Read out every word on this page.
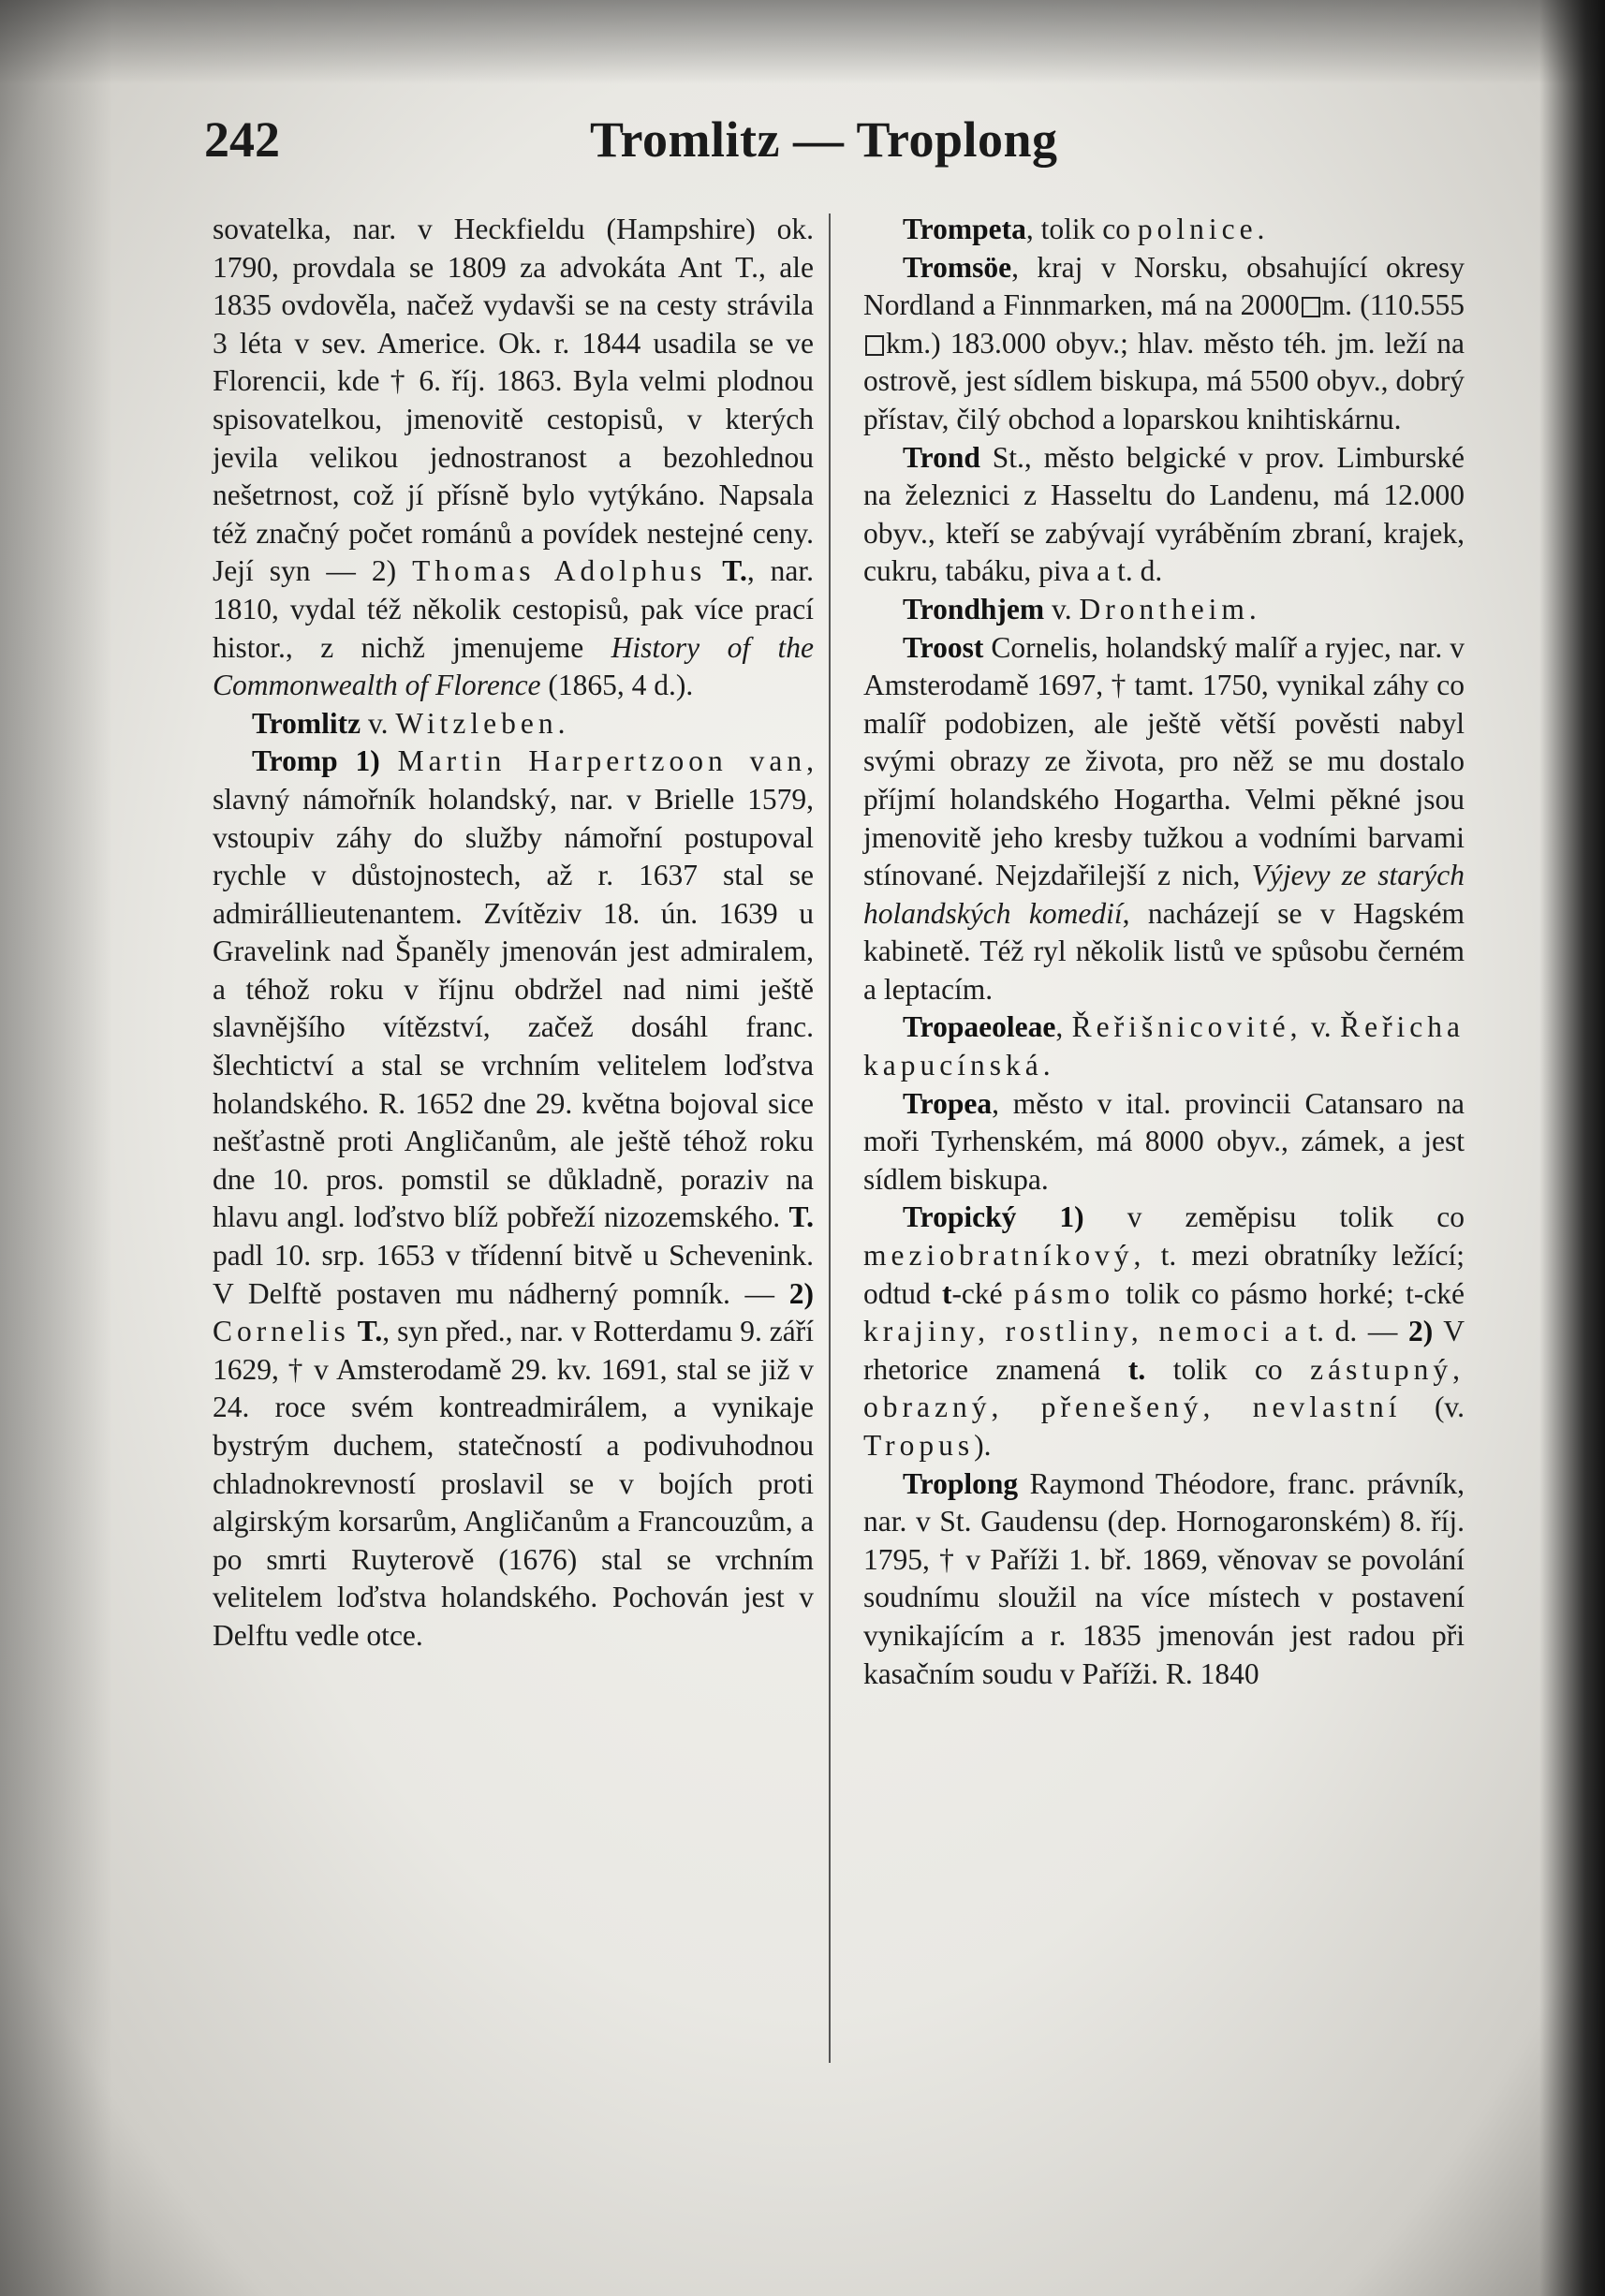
242	Tromlitz — Troplong

sovatelka, nar. v Heckfieldu (Hampshire) ok. 1790, provdala se 1809 za advokáta Ant T., ale 1835 ovdověla, načež vydavši se na cesty strávila 3 léta v sev. Americe. Ok. r. 1844 usadila se ve Florencii, kde † 6. říj. 1863. Byla velmi plodnou spisovatelkou, jmenovitě cestopisů, v kterých jevila velikou jednostranost a bezohlednou nešetrnost, což jí přísně bylo vytýkáno. Napsala též značný počet románů a povídek nestejné ceny. Její syn — 2) Thomas Adolphus T., nar. 1810, vydal též několik cestopisů, pak více prací histor., z nichž jmenujeme History of the Commonwealth of Florence (1865, 4 d.).

Tromlitz v. Witzleben.

Tromp 1) Martin Harpertzoon van, slavný námořník holandský, nar. v Brielle 1579, vstoupiv záhy do služby námořní postupoval rychle v důstojnostech, až r. 1637 stal se admirállieutenantem. Zvítěziv 18. ún. 1639 u Gravelink nad Španěly jmenován jest admiralem, a téhož roku v říjnu obdržel nad nimi ještě slavnějšího vítězství, začež dosáhl franc. šlechtictví a stal se vrchním velitelem loďstva holandského. R. 1652 dne 29. května bojoval sice nešťastně proti Angličanům, ale ještě téhož roku dne 10. pros. pomstil se důkladně, poraziv na hlavu angl. loďstvo blíž pobřeží nizozemského. T. padl 10. srp. 1653 v třídenní bitvě u Schevenink. V Delftě postaven mu nádherný pomník. — 2) Cornelis T., syn před., nar. v Rotterdamu 9. září 1629, † v Amsterodamě 29. kv. 1691, stal se již v 24. roce svém kontreadmirálem, a vynikaje bystrým duchem, statečností a podivuhodnou chladnokrevností proslavil se v bojích proti algirským korsarům, Angličanům a Francouzům, a po smrti Ruyterově (1676) stal se vrchním velitelem loďstva holandského. Pochován jest v Delftu vedle otce.

Trompeta, tolik co polnice.

Tromsöe, kraj v Norsku, obsahující okresy Nordland a Finnmarken, má na 2000 m. (110.555km.) 183.000 obyv.; hlav. město téh. jm. leží na ostrově, jest sídlem biskupa, má 5500 obyv., dobrý přístav, čilý obchod a loparskou knihtiskárnu.

Trond St., město belgické v prov. Limburské na železnici z Hasseltu do Landenu, má 12.000 obyv., kteří se zabývají vyráběním zbraní, krajek, cukru, tabáku, piva a t. d.

Trondhjem v. Drontheim.

Troost Cornelis, holandský malíř a ryjec, nar. v Amsterodamě 1697, † tamt. 1750, vynikal záhy co malíř podobizen, ale ještě větší pověsti nabyl svými obrazy ze života, pro něž se mu dostalo příjmí holandského Hogartha. Velmi pěkné jsou jmenovitě jeho kresby tužkou a vodními barvami stínované. Nejzdařilejší z nich, Výjevy ze starých holandských komedií, nacházejí se v Hagském kabinetě. Též ryl několik listů ve spůsobu černém a leptacím.

Tropaeoleae, Řeřišnicovité, v. Řeřicha kapucínská.

Tropea, město v ital. provincii Catansaro na moři Tyrhenském, má 8000 obyv., zámek, a jest sídlem biskupa.

Tropický 1) v zeměpisu tolik co meziobratníkový, t. mezi obratníky ležící; odtud t-cké pásmo tolik co pásmo horké; t-cké krajiny, rostliny, nemoci a t. d. — 2) V rhetorice znamená t. tolik co zástupný, obrazný, přenešený, nevlastní (v. Tropus).

Troplong Raymond Théodore, franc. právník, nar. v St. Gaudensu (dep. Hornogaronském) 8. říj. 1795, † v Paříži 1. bř. 1869, věnovav se povolání soudnímu sloužil na více místech v postavení vynikajícím a r. 1835 jmenován jest radou při kasačním soudu v Paříži. R. 1840
